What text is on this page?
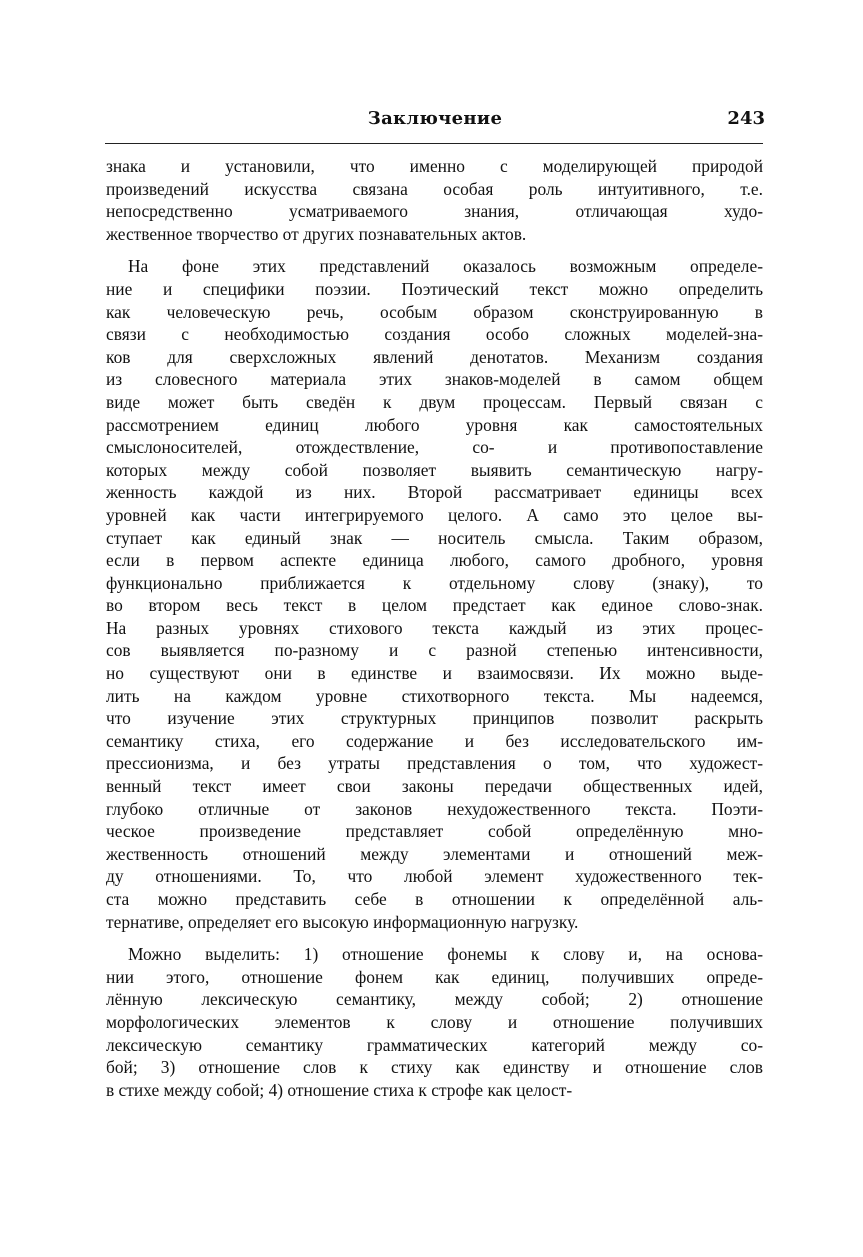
Заключение	243
знака и установили, что именно с моделирующей природой
произведений искусства связана особая роль интуитивного, т.е.
непосредственно усматриваемого знания, отличающая худо-
жественное творчество от других познавательных актов.
На фоне этих представлений оказалось возможным определе-
ние и специфики поэзии. Поэтический текст можно определить
как человеческую речь, особым образом сконструированную в
связи с необходимостью создания особо сложных моделей-зна-
ков для сверхсложных явлений денотатов. Механизм создания
из словесного материала этих знаков-моделей в самом общем
виде может быть сведён к двум процессам. Первый связан с
рассмотрением единиц любого уровня как самостоятельных
смыслоносителей, отождествление, со- и противопоставление
которых между собой позволяет выявить семантическую нагру-
женность каждой из них. Второй рассматривает единицы всех
уровней как части интегрируемого целого. А само это целое вы-
ступает как единый знак — носитель смысла. Таким образом,
если в первом аспекте единица любого, самого дробного, уровня
функционально приближается к отдельному слову (знаку), то
во втором весь текст в целом предстает как единое слово-знак.
На разных уровнях стихового текста каждый из этих процес-
сов выявляется по-разному и с разной степенью интенсивности,
но существуют они в единстве и взаимосвязи. Их можно выде-
лить на каждом уровне стихотворного текста. Мы надеемся,
что изучение этих структурных принципов позволит раскрыть
семантику стиха, его содержание и без исследовательского им-
прессионизма, и без утраты представления о том, что художест-
венный текст имеет свои законы передачи общественных идей,
глубоко отличные от законов нехудожественного текста. Поэти-
ческое произведение представляет собой определённую мно-
жественность отношений между элементами и отношений меж-
ду отношениями. То, что любой элемент художественного тек-
ста можно представить себе в отношении к определённой аль-
тернативе, определяет его высокую информационную нагрузку.
Можно выделить: 1) отношение фонемы к слову и, на основа-
нии этого, отношение фонем как единиц, получивших опреде-
лённую лексическую семантику, между собой; 2) отношение
морфологических элементов к слову и отношение получивших
лексическую семантику грамматических категорий между со-
бой; 3) отношение слов к стиху как единству и отношение слов
в стихе между собой; 4) отношение стиха к строфе как целост-
